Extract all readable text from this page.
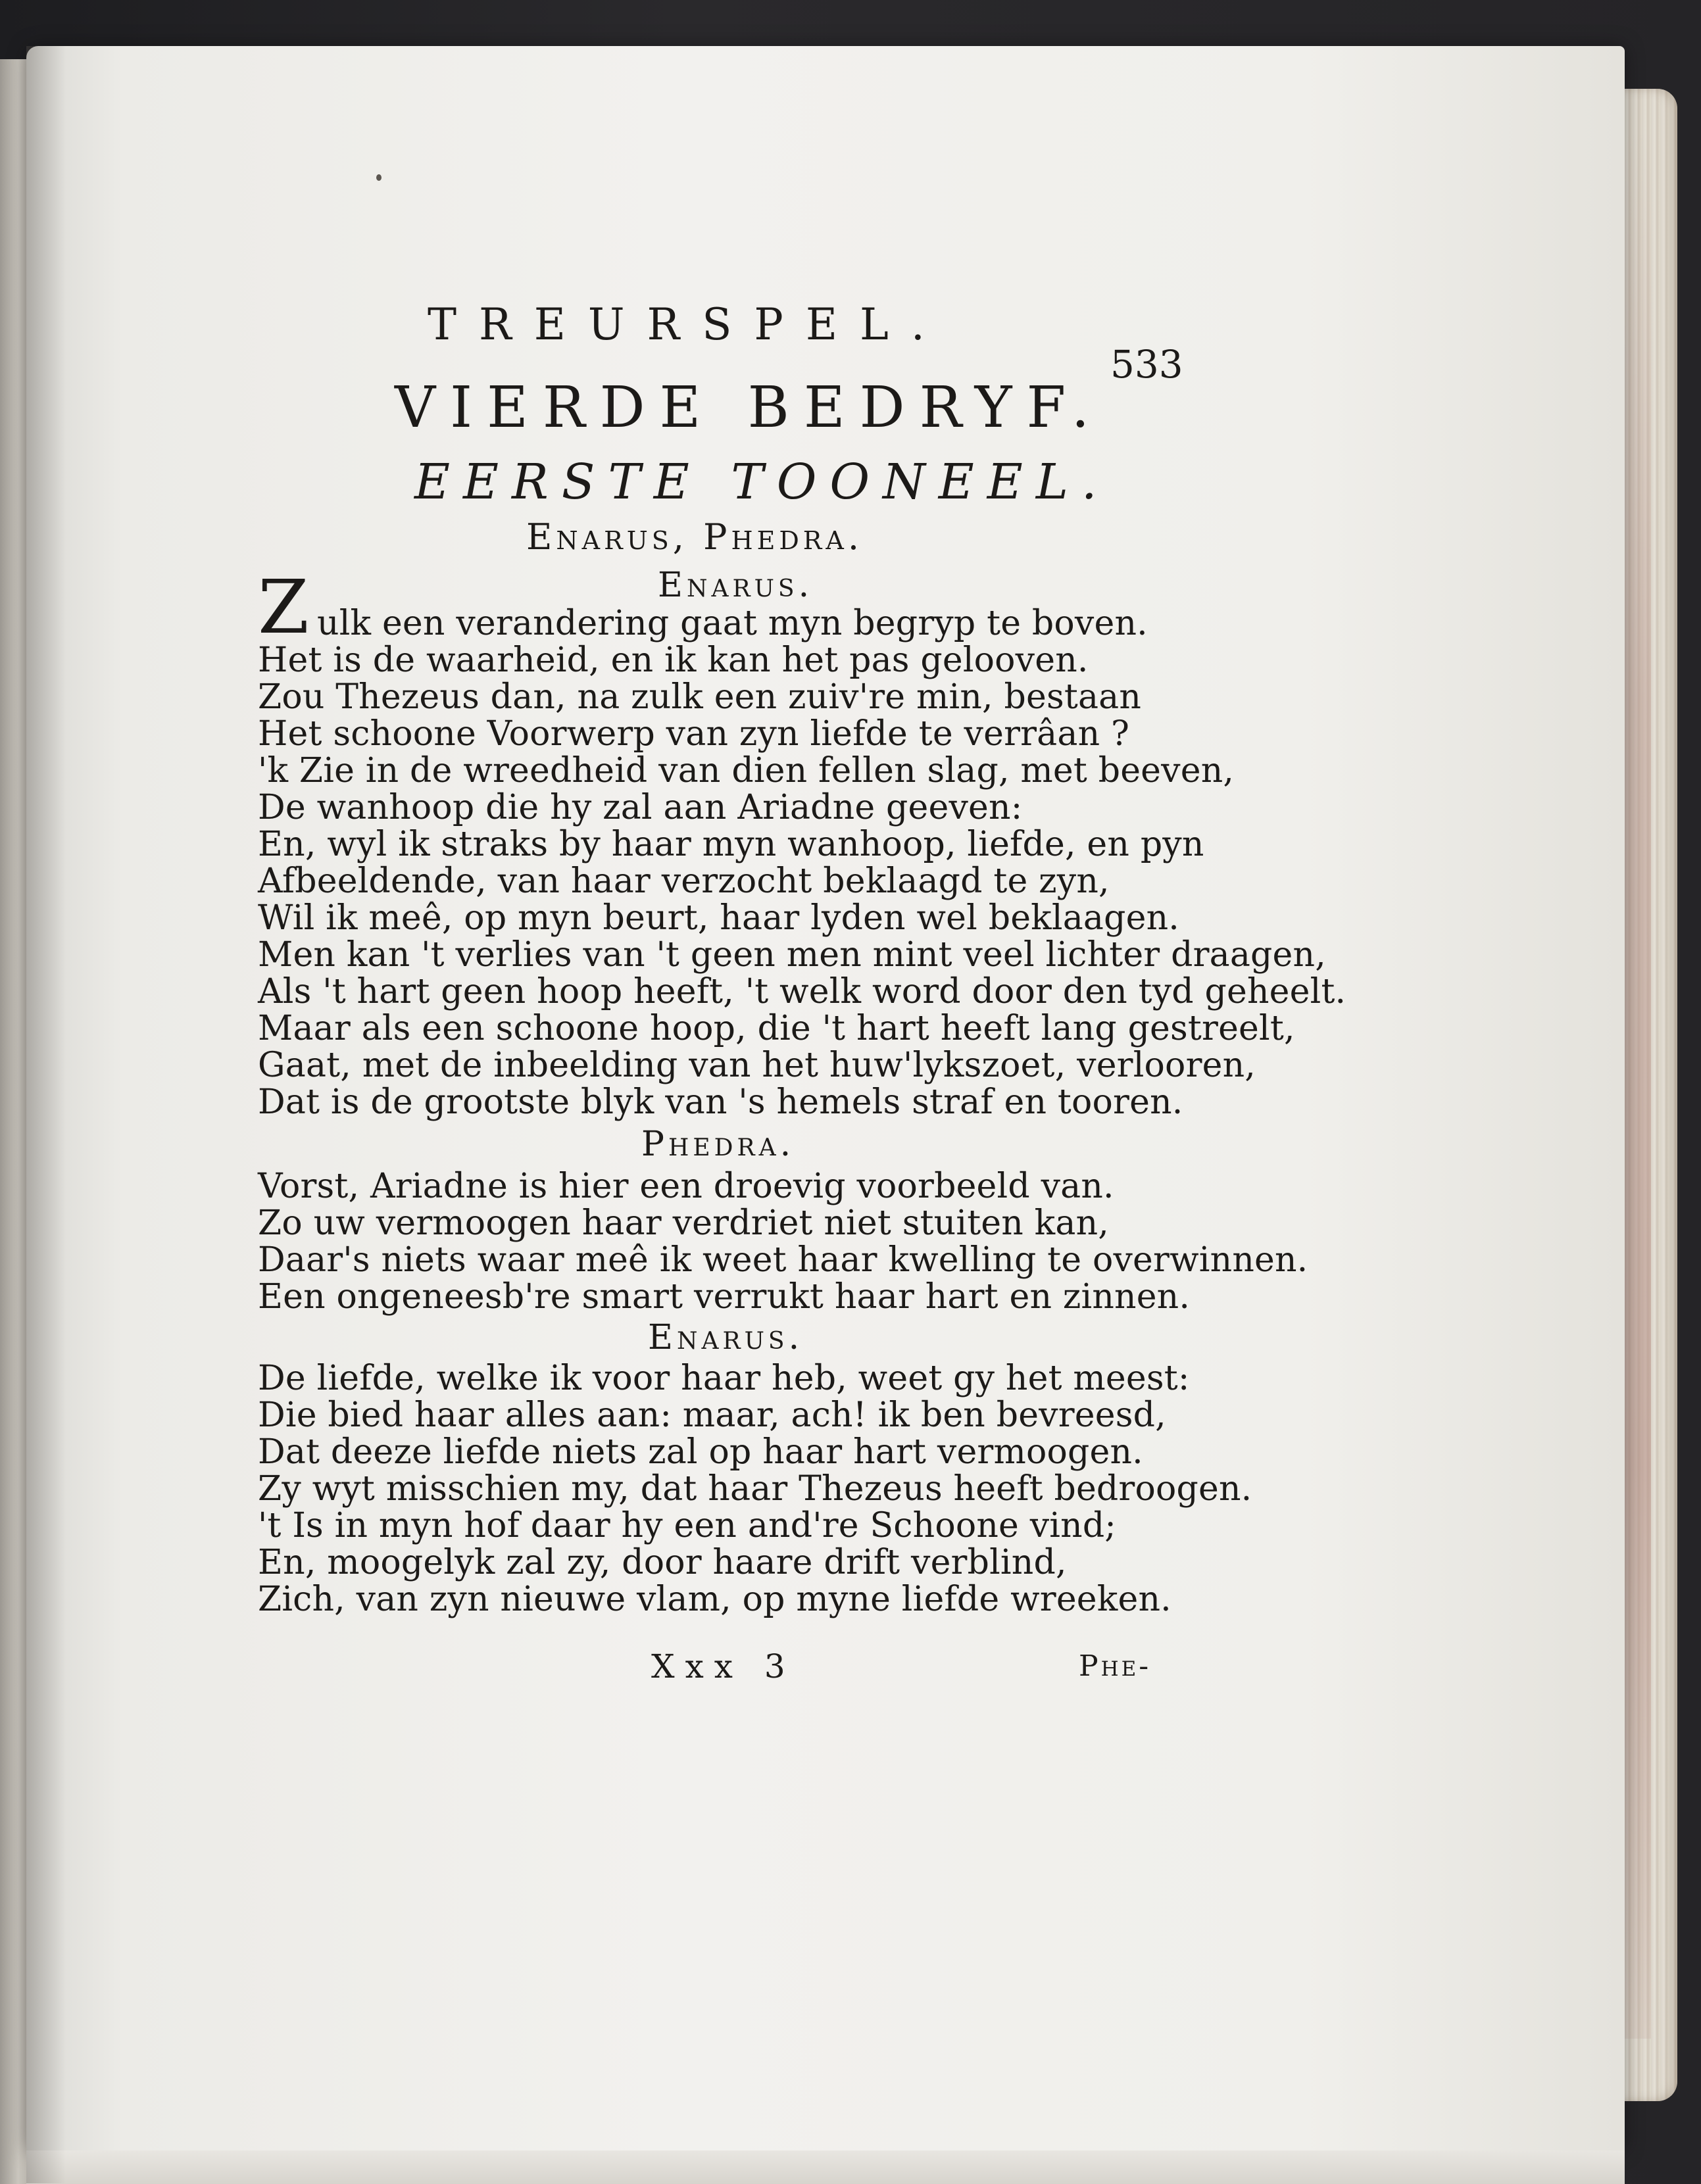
TREURSPEL.
533
VIERDE BEDRYF.
EERSTE TOONEEL.
Enarus, Phedra.
Enarus.
Z ulk een verandering gaat myn begryp te boven.
Het is de waarheid, en ik kan het pas gelooven.
Zou Thezeus dan, na zulk een zuiv're min, bestaan
Het schoone Voorwerp van zyn liefde te verrâan ?
'k Zie in de wreedheid van dien fellen slag, met beeven,
De wanhoop die hy zal aan Ariadne geeven:
En, wyl ik straks by haar myn wanhoop, liefde, en pyn
Afbeeldende, van haar verzocht beklaagd te zyn,
Wil ik meê, op myn beurt, haar lyden wel beklaagen.
Men kan 't verlies van 't geen men mint veel lichter draagen,
Als 't hart geen hoop heeft, 't welk word door den tyd geheelt.
Maar als een schoone hoop, die 't hart heeft lang gestreelt,
Gaat, met de inbeelding van het huw'lykszoet, verlooren,
Dat is de grootste blyk van 's hemels straf en tooren.
Phedra.
Vorst, Ariadne is hier een droevig voorbeeld van.
Zo uw vermoogen haar verdriet niet stuiten kan,
Daar's niets waar meê ik weet haar kwelling te overwinnen.
Een ongeneesb're smart verrukt haar hart en zinnen.
Enarus.
De liefde, welke ik voor haar heb, weet gy het meest:
Die bied haar alles aan: maar, ach! ik ben bevreesd,
Dat deeze liefde niets zal op haar hart vermoogen.
Zy wyt misschien my, dat haar Thezeus heeft bedroogen.
't Is in myn hof daar hy een and're Schoone vind;
En, moogelyk zal zy, door haare drift verblind,
Zich, van zyn nieuwe vlam, op myne liefde wreeken.
Xxx 3	Phe-
